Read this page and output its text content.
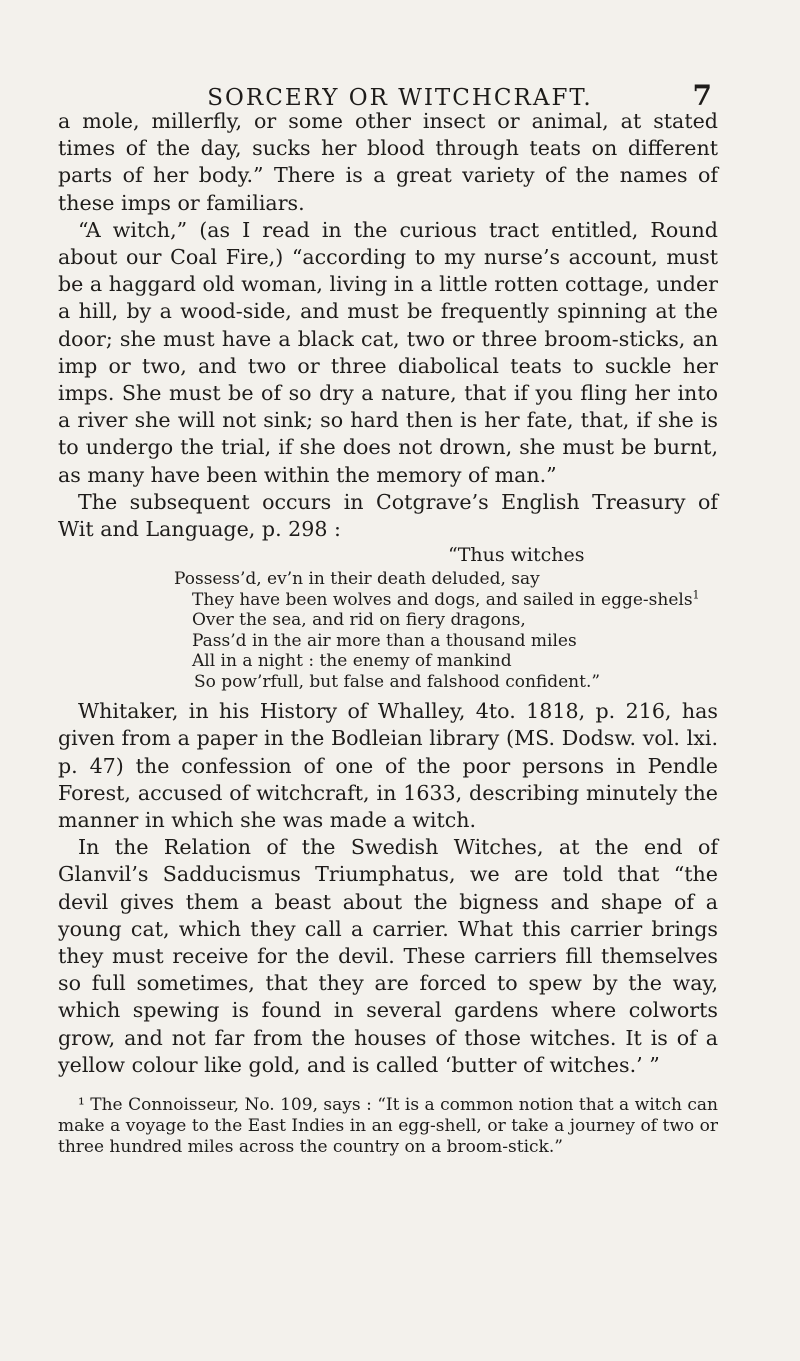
SORCERY OR WITCHCRAFT.	7

a mole, millerfly, or some other insect or animal, at stated times of the day, sucks her blood through teats on different parts of her body.” There is a great variety of the names of these imps or familiars.

“A witch,” (as I read in the curious tract entitled, Round about our Coal Fire,) “according to my nurse’s account, must be a haggard old woman, living in a little rotten cottage, under a hill, by a wood-side, and must be frequently spinning at the door; she must have a black cat, two or three broom-sticks, an imp or two, and two or three diabolical teats to suckle her imps. She must be of so dry a nature, that if you fling her into a river she will not sink; so hard then is her fate, that, if she is to undergo the trial, if she does not drown, she must be burnt, as many have been within the memory of man.”

The subsequent occurs in Cotgrave’s English Treasury of Wit and Language, p. 298 :

“Thus witches

Possess’d, ev’n in their death deluded, say
They have been wolves and dogs, and sailed in egge-shels$^1$
Over the sea, and rid on fiery dragons,
Pass’d in the air more than a thousand miles
All in a night : the enemy of mankind
So pow’rfull, but false and falshood confident.”

Whitaker, in his History of Whalley, 4to. 1818, p. 216, has given from a paper in the Bodleian library (MS. Dodsw. vol. lxi. p. 47) the confession of one of the poor persons in Pendle Forest, accused of witchcraft, in 1633, describing minutely the manner in which she was made a witch.

In the Relation of the Swedish Witches, at the end of Glanvil’s Sadducismus Triumphatus, we are told that “the devil gives them a beast about the bigness and shape of a young cat, which they call a carrier. What this carrier brings they must receive for the devil. These carriers fill themselves so full sometimes, that they are forced to spew by the way, which spewing is found in several gardens where colworts grow, and not far from the houses of those witches. It is of a yellow colour like gold, and is called ‘butter of witches.’ ”

¹ The Connoisseur, No. 109, says : “It is a common notion that a witch can make a voyage to the East Indies in an egg-shell, or take a journey of two or three hundred miles across the country on a broom-stick.”
